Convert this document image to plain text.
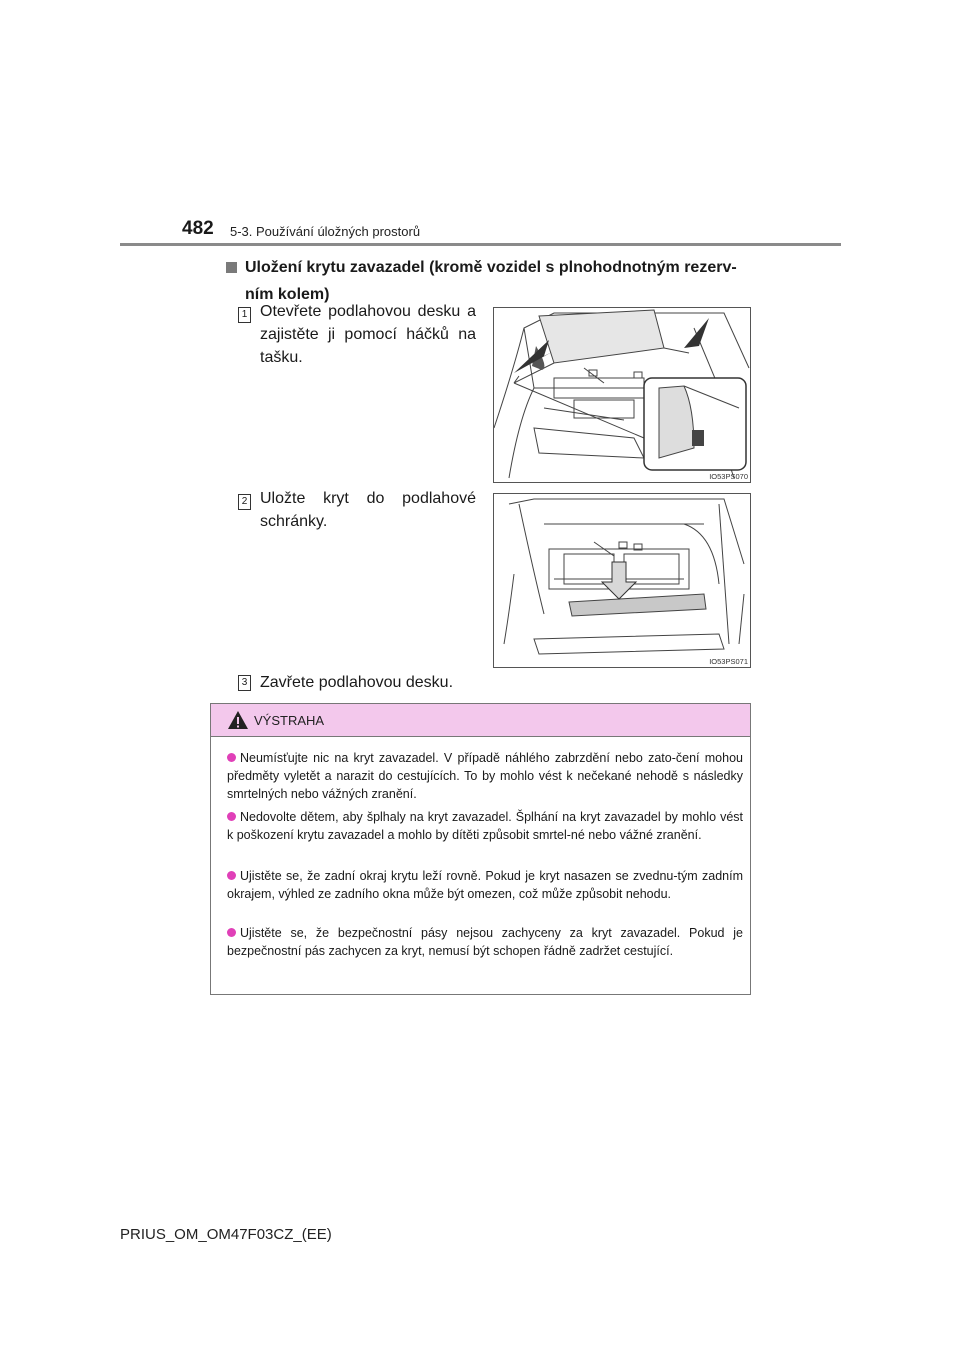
482 5-3. Používání úložných prostorů
Uložení krytu zavazadel (kromě vozidel s plnohodnotným rezerv-ním kolem)
1 Otevřete podlahovou desku a zajistěte ji pomocí háčků na tašku.
IO53PS070
2 Uložte kryt do podlahové schránky.
IO53PS071
3 Zavřete podlahovou desku.
VÝSTRAHA
Neumísťujte nic na kryt zavazadel. V případě náhlého zabrzdění nebo zato-čení mohou předměty vyletět a narazit do cestujících. To by mohlo vést k nečekané nehodě s následky smrtelných nebo vážných zranění.
Nedovolte dětem, aby šplhaly na kryt zavazadel. Šplhání na kryt zavazadel by mohlo vést k poškození krytu zavazadel a mohlo by dítěti způsobit smrtel-né nebo vážné zranění.
Ujistěte se, že zadní okraj krytu leží rovně. Pokud je kryt nasazen se zvednu-tým zadním okrajem, výhled ze zadního okna může být omezen, což může způsobit nehodu.
Ujistěte se, že bezpečnostní pásy nejsou zachyceny za kryt zavazadel. Pokud je bezpečnostní pás zachycen za kryt, nemusí být schopen řádně zadržet cestující.
PRIUS_OM_OM47F03CZ_(EE)
